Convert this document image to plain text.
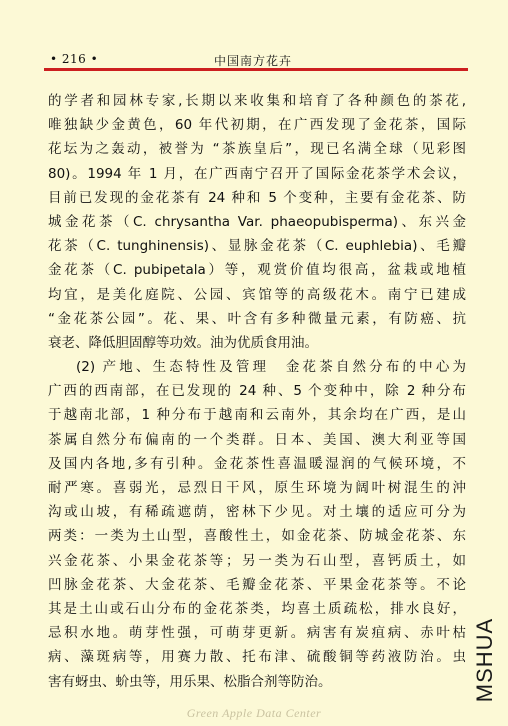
• 216 •	中国南方花卉
的学者和园林专家,长期以来收集和培育了各种颜色的茶花,
唯独缺少金黄色，60 年代初期，在广西发现了金花茶，国际
花坛为之轰动，被誉为 “茶族皇后”，现已名满全球（见彩图
80)。1994 年 1 月，在广西南宁召开了国际金花茶学术会议，
目前已发现的金花茶有 24 种和 5 个变种，主要有金花茶、防
城金花茶（C. chrysantha Var. phaeopubisperma)、东兴金
花茶（C. tunghinensis)、显脉金花茶（C. euphlebia)、毛瓣
金花茶（C. pubipetala）等，观赏价值均很高，盆栽或地植
均宜，是美化庭院、公园、宾馆等的高级花木。南宁已建成
“金花茶公园”。花、果、叶含有多种微量元素，有防癌、抗
衰老、降低胆固醇等功效。油为优质食用油。
(2) 产地、生态特性及管理　金花茶自然分布的中心为
广西的西南部，在已发现的 24 种、5 个变种中，除 2 种分布
于越南北部，1 种分布于越南和云南外，其余均在广西，是山
茶属自然分布偏南的一个类群。日本、美国、澳大利亚等国
及国内各地,多有引种。金花茶性喜温暖湿润的气候环境，不
耐严寒。喜弱光，忌烈日干风，原生环境为阔叶树混生的沖
沟或山坡，有稀疏遮荫，密林下少见。对土壤的适应可分为
两类：一类为土山型，喜酸性土，如金花茶、防城金花茶、东
兴金花茶、小果金花茶等；另一类为石山型，喜钙质土，如
凹脉金花茶、大金花茶、毛瓣金花茶、平果金花茶等。不论
其是土山或石山分布的金花茶类，均喜土质疏松，排水良好，
忌积水地。萌芽性强，可萌芽更新。病害有炭疽病、赤叶枯
病、藻斑病等，用赛力散、托布津、硫酸铜等药液防治。虫
害有蚜虫、蚧虫等，用乐果、松脂合剂等防治。	MSHUA
Green Apple Data Center
